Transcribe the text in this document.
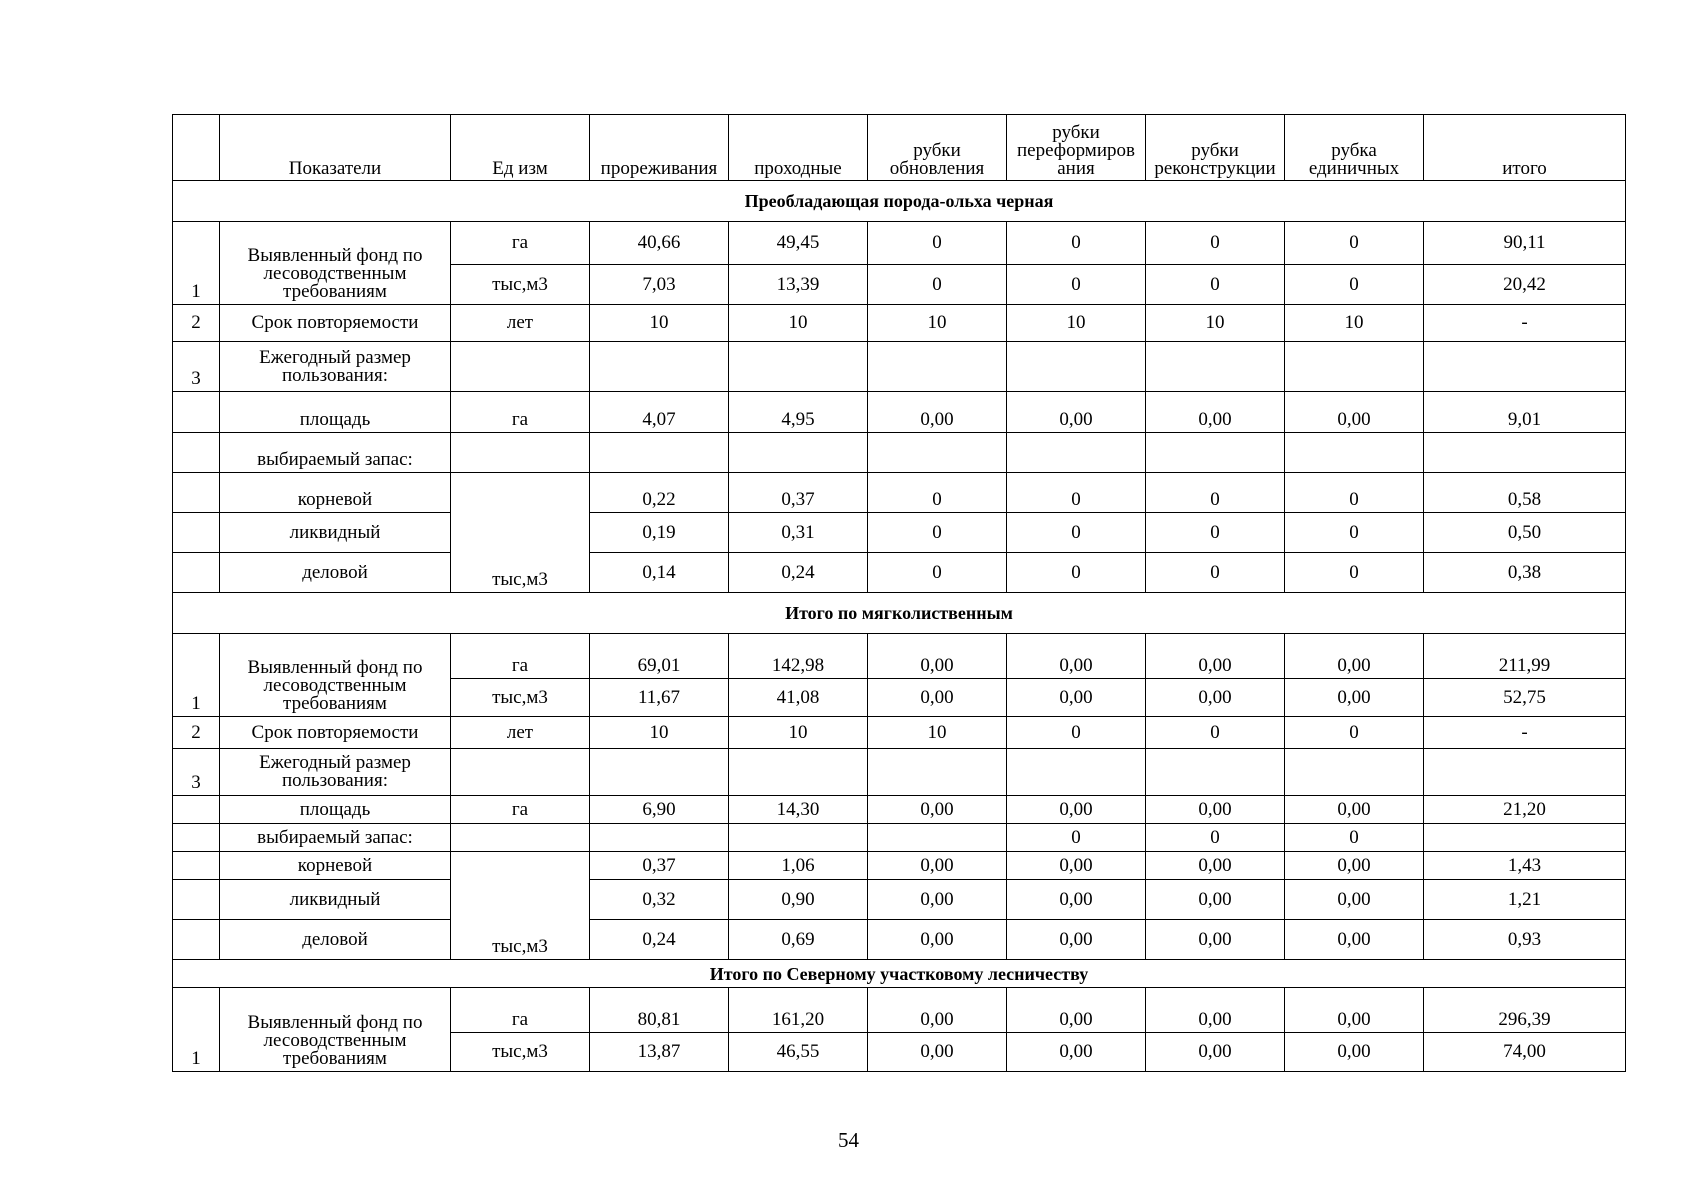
	Показатели	Ед изм	прореживания	проходные	рубки обновления	рубки переформиров ания	рубки реконструкции	рубка единичных	итого
Преобладающая порода-ольха черная									
1	Выявленный фонд по лесоводственным требованиям	га	40,66	49,45	0	0	0	0	90,11
		тыс,м3	7,03	13,39	0	0	0	0	20,42
2	Срок повторяемости	лет	10	10	10	10	10	10	-
3	Ежегодный размер пользования:								
	площадь	га	4,07	4,95	0,00	0,00	0,00	0,00	9,01
	выбираемый запас:								
	корневой	тыс,м3	0,22	0,37	0	0	0	0	0,58
	ликвидный		0,19	0,31	0	0	0	0	0,50
	деловой		0,14	0,24	0	0	0	0	0,38
Итого по мягколиственным									
1	Выявленный фонд по лесоводственным требованиям	га	69,01	142,98	0,00	0,00	0,00	0,00	211,99
		тыс,м3	11,67	41,08	0,00	0,00	0,00	0,00	52,75
2	Срок повторяемости	лет	10	10	10	0	0	0	-
3	Ежегодный размер пользования:								
	площадь	га	6,90	14,30	0,00	0,00	0,00	0,00	21,20
	выбираемый запас:					0	0	0	
	корневой	тыс,м3	0,37	1,06	0,00	0,00	0,00	0,00	1,43
	ликвидный		0,32	0,90	0,00	0,00	0,00	0,00	1,21
	деловой		0,24	0,69	0,00	0,00	0,00	0,00	0,93
Итого по Северному участковому лесничеству									
1	Выявленный фонд по лесоводственным требованиям	га	80,81	161,20	0,00	0,00	0,00	0,00	296,39
		тыс,м3	13,87	46,55	0,00	0,00	0,00	0,00	74,00
54
